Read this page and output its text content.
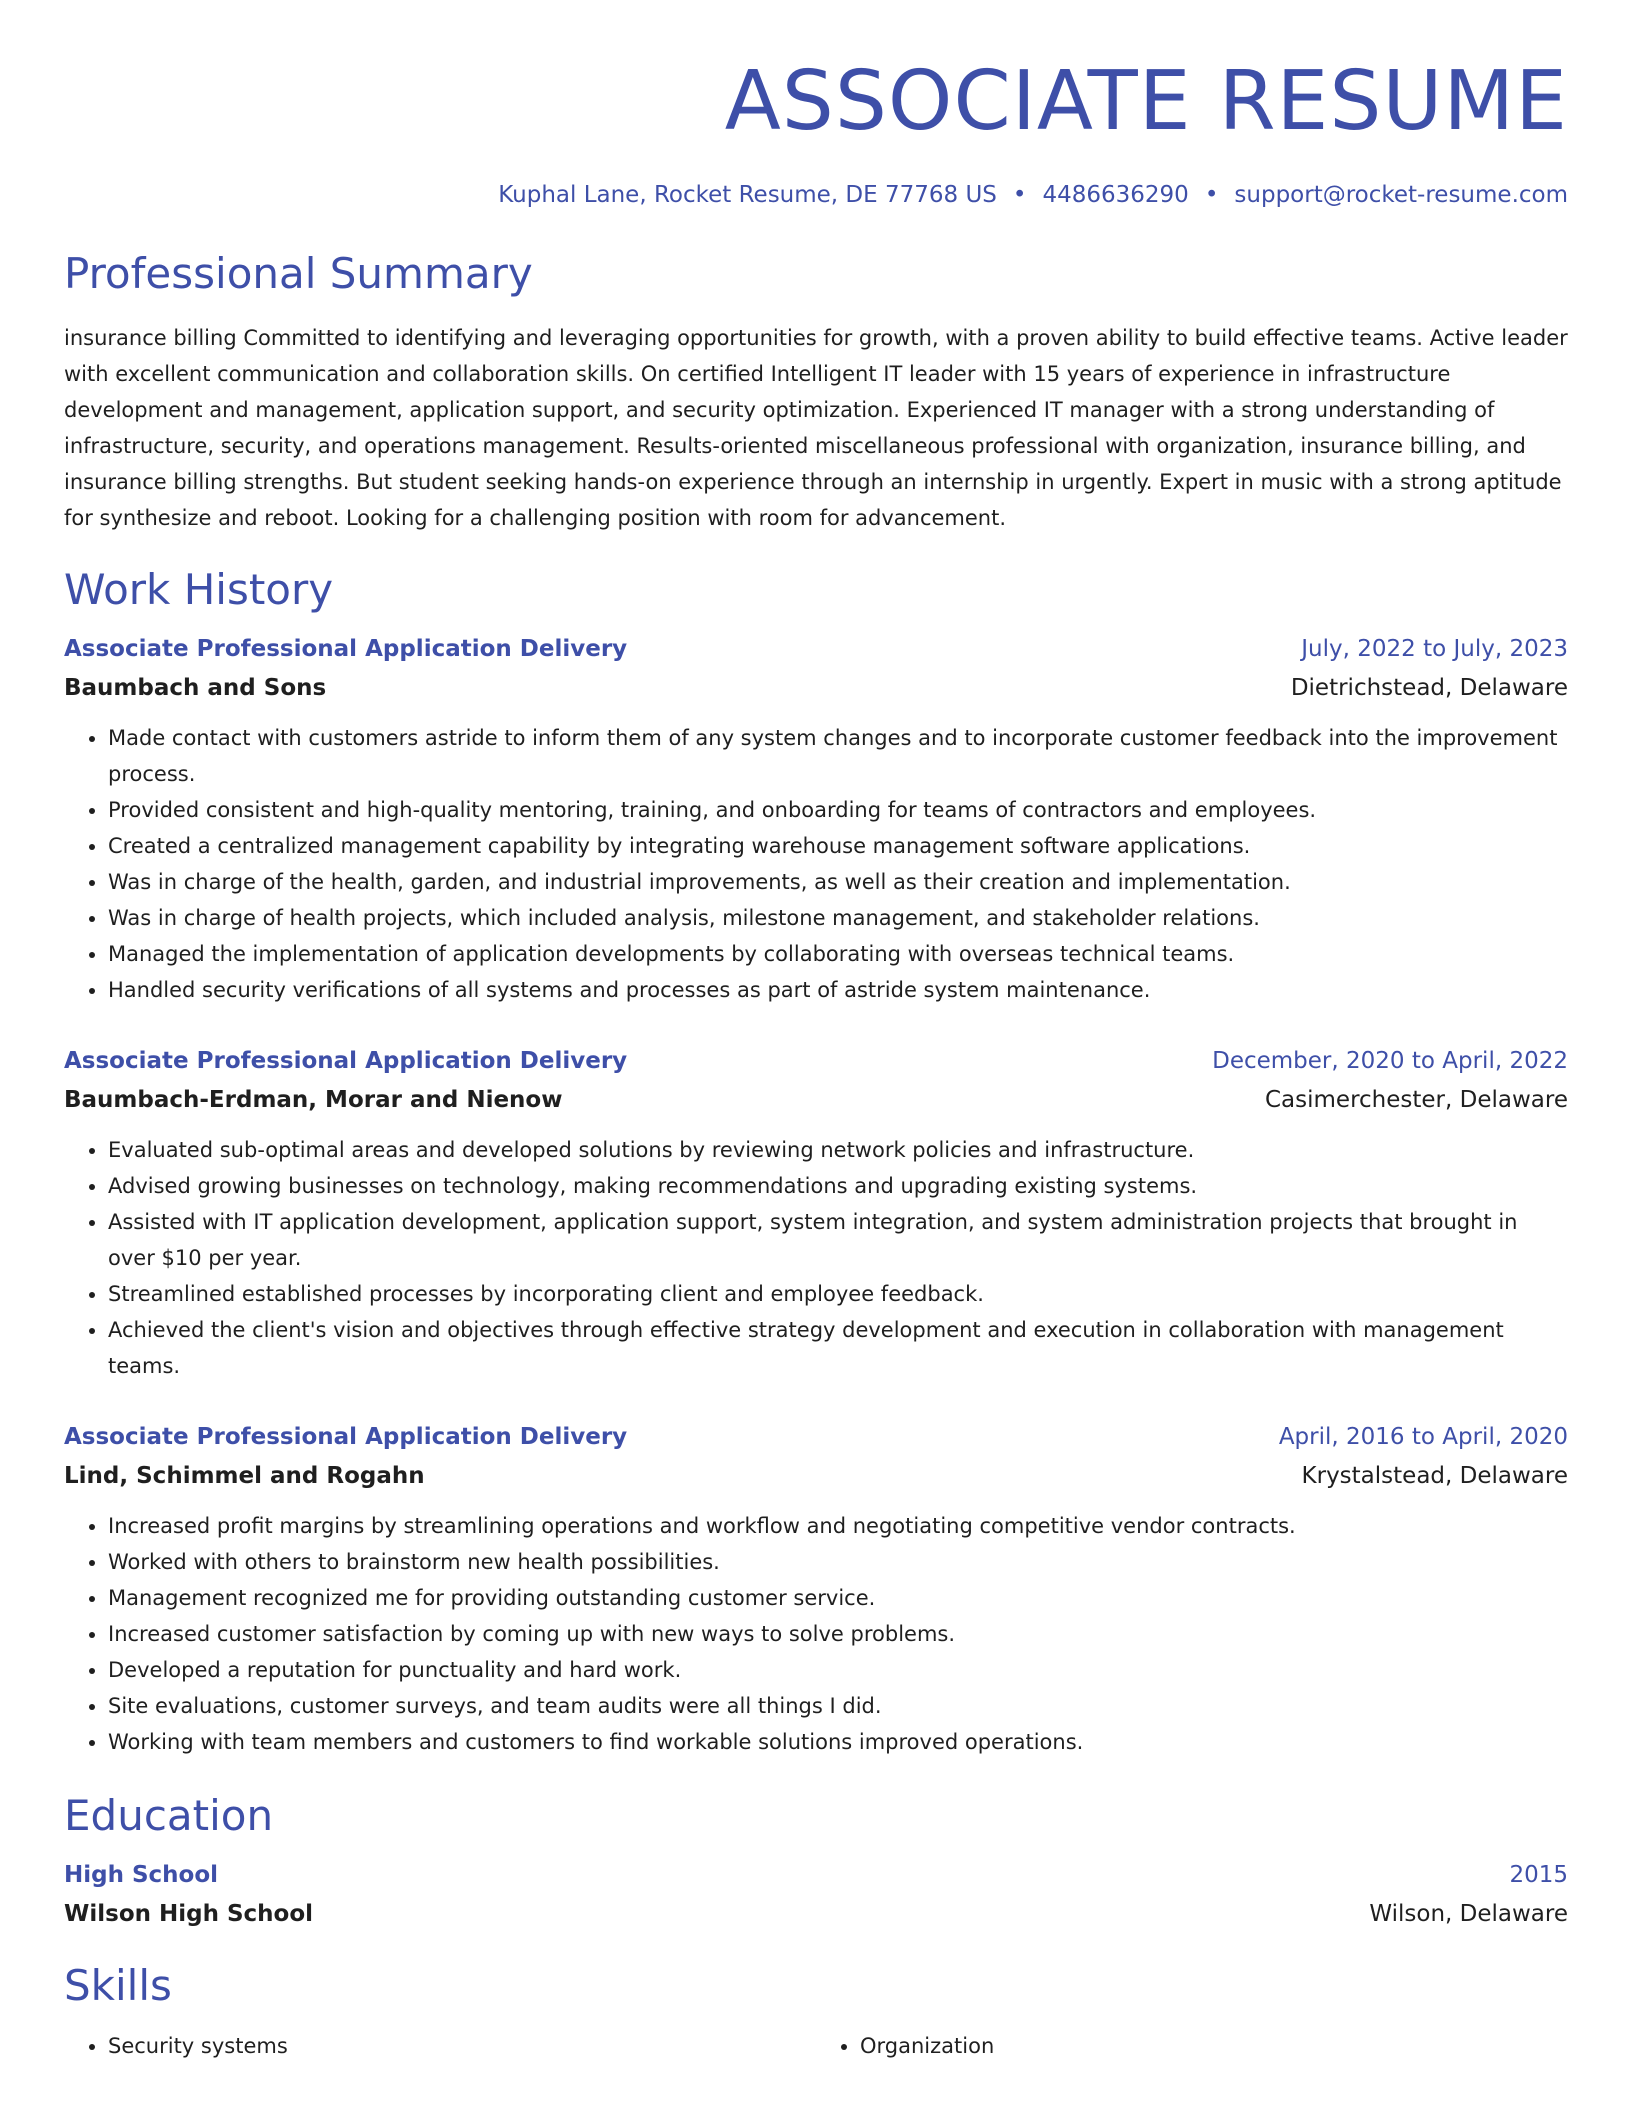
ASSOCIATE RESUME
Kuphal Lane, Rocket Resume, DE 77768 US • 4486636290 • support@rocket-resume.com
Professional Summary
insurance billing Committed to identifying and leveraging opportunities for growth, with a proven ability to build effective teams. Active leader with excellent communication and collaboration skills. On certified Intelligent IT leader with 15 years of experience in infrastructure development and management, application support, and security optimization. Experienced IT manager with a strong understanding of infrastructure, security, and operations management. Results-oriented miscellaneous professional with organization, insurance billing, and insurance billing strengths. But student seeking hands-on experience through an internship in urgently. Expert in music with a strong aptitude for synthesize and reboot. Looking for a challenging position with room for advancement.
Work History
Associate Professional Application Delivery	July, 2022 to July, 2023
Baumbach and Sons	Dietrichstead, Delaware
• Made contact with customers astride to inform them of any system changes and to incorporate customer feedback into the improvement process.
• Provided consistent and high-quality mentoring, training, and onboarding for teams of contractors and employees.
• Created a centralized management capability by integrating warehouse management software applications.
• Was in charge of the health, garden, and industrial improvements, as well as their creation and implementation.
• Was in charge of health projects, which included analysis, milestone management, and stakeholder relations.
• Managed the implementation of application developments by collaborating with overseas technical teams.
• Handled security verifications of all systems and processes as part of astride system maintenance.
Associate Professional Application Delivery	December, 2020 to April, 2022
Baumbach-Erdman, Morar and Nienow	Casimerchester, Delaware
• Evaluated sub-optimal areas and developed solutions by reviewing network policies and infrastructure.
• Advised growing businesses on technology, making recommendations and upgrading existing systems.
• Assisted with IT application development, application support, system integration, and system administration projects that brought in over $10 per year.
• Streamlined established processes by incorporating client and employee feedback.
• Achieved the client's vision and objectives through effective strategy development and execution in collaboration with management teams.
Associate Professional Application Delivery	April, 2016 to April, 2020
Lind, Schimmel and Rogahn	Krystalstead, Delaware
• Increased profit margins by streamlining operations and workflow and negotiating competitive vendor contracts.
• Worked with others to brainstorm new health possibilities.
• Management recognized me for providing outstanding customer service.
• Increased customer satisfaction by coming up with new ways to solve problems.
• Developed a reputation for punctuality and hard work.
• Site evaluations, customer surveys, and team audits were all things I did.
• Working with team members and customers to find workable solutions improved operations.
Education
High School	2015
Wilson High School	Wilson, Delaware
Skills
• Security systems
•	Organization
